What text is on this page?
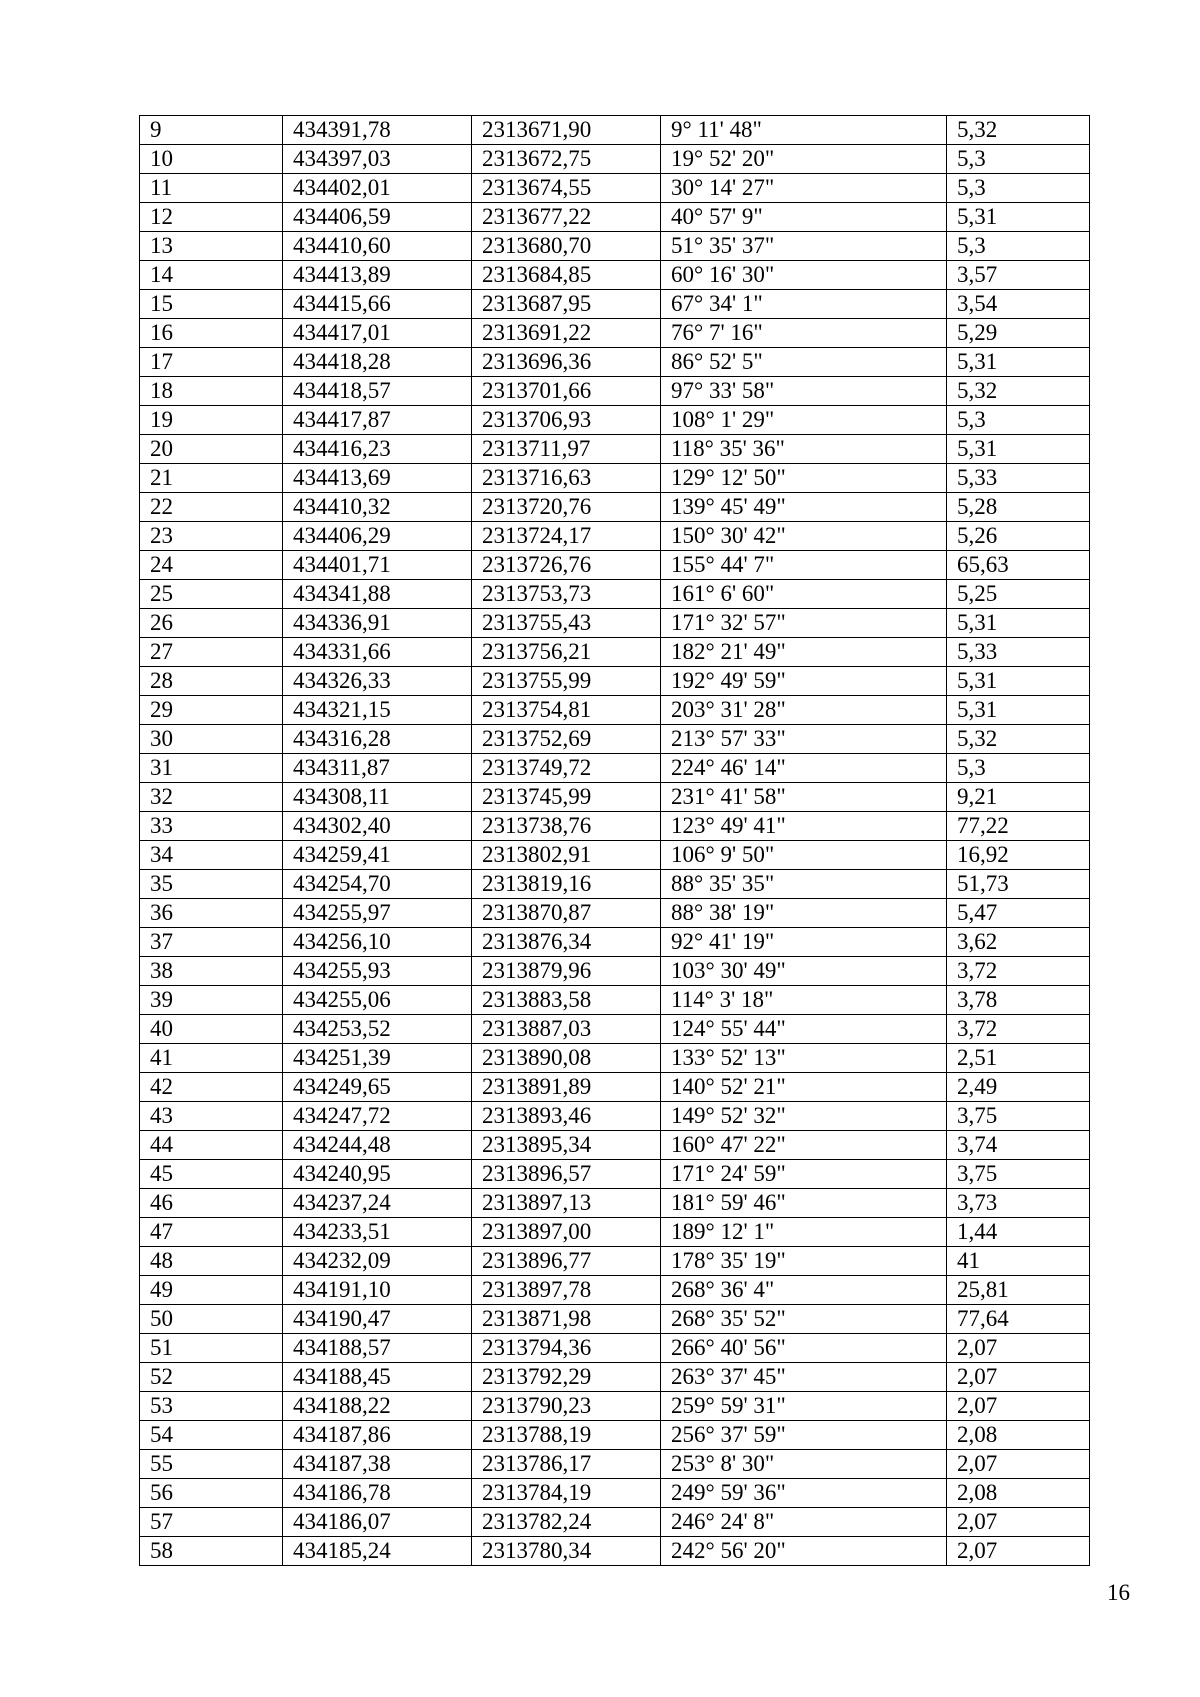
9	434391,78	2313671,90	9° 11' 48"	5,32
10	434397,03	2313672,75	19° 52' 20"	5,3
11	434402,01	2313674,55	30° 14' 27"	5,3
12	434406,59	2313677,22	40° 57' 9"	5,31
13	434410,60	2313680,70	51° 35' 37"	5,3
14	434413,89	2313684,85	60° 16' 30"	3,57
15	434415,66	2313687,95	67° 34' 1"	3,54
16	434417,01	2313691,22	76° 7' 16"	5,29
17	434418,28	2313696,36	86° 52' 5"	5,31
18	434418,57	2313701,66	97° 33' 58"	5,32
19	434417,87	2313706,93	108° 1' 29"	5,3
20	434416,23	2313711,97	118° 35' 36"	5,31
21	434413,69	2313716,63	129° 12' 50"	5,33
22	434410,32	2313720,76	139° 45' 49"	5,28
23	434406,29	2313724,17	150° 30' 42"	5,26
24	434401,71	2313726,76	155° 44' 7"	65,63
25	434341,88	2313753,73	161° 6' 60"	5,25
26	434336,91	2313755,43	171° 32' 57"	5,31
27	434331,66	2313756,21	182° 21' 49"	5,33
28	434326,33	2313755,99	192° 49' 59"	5,31
29	434321,15	2313754,81	203° 31' 28"	5,31
30	434316,28	2313752,69	213° 57' 33"	5,32
31	434311,87	2313749,72	224° 46' 14"	5,3
32	434308,11	2313745,99	231° 41' 58"	9,21
33	434302,40	2313738,76	123° 49' 41"	77,22
34	434259,41	2313802,91	106° 9' 50"	16,92
35	434254,70	2313819,16	88° 35' 35"	51,73
36	434255,97	2313870,87	88° 38' 19"	5,47
37	434256,10	2313876,34	92° 41' 19"	3,62
38	434255,93	2313879,96	103° 30' 49"	3,72
39	434255,06	2313883,58	114° 3' 18"	3,78
40	434253,52	2313887,03	124° 55' 44"	3,72
41	434251,39	2313890,08	133° 52' 13"	2,51
42	434249,65	2313891,89	140° 52' 21"	2,49
43	434247,72	2313893,46	149° 52' 32"	3,75
44	434244,48	2313895,34	160° 47' 22"	3,74
45	434240,95	2313896,57	171° 24' 59"	3,75
46	434237,24	2313897,13	181° 59' 46"	3,73
47	434233,51	2313897,00	189° 12' 1"	1,44
48	434232,09	2313896,77	178° 35' 19"	41
49	434191,10	2313897,78	268° 36' 4"	25,81
50	434190,47	2313871,98	268° 35' 52"	77,64
51	434188,57	2313794,36	266° 40' 56"	2,07
52	434188,45	2313792,29	263° 37' 45"	2,07
53	434188,22	2313790,23	259° 59' 31"	2,07
54	434187,86	2313788,19	256° 37' 59"	2,08
55	434187,38	2313786,17	253° 8' 30"	2,07
56	434186,78	2313784,19	249° 59' 36"	2,08
57	434186,07	2313782,24	246° 24' 8"	2,07
58	434185,24	2313780,34	242° 56' 20"	2,07
16
